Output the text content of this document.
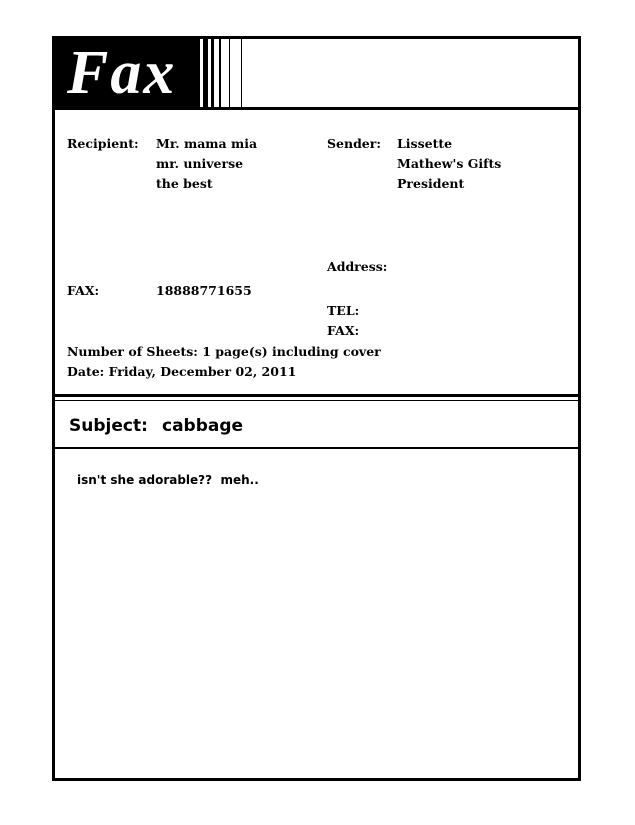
Fax
Recipient: Mr. mama mia
mr. universe
the best
Sender: Lissette
Mathew's Gifts
President
Address:
FAX:	18888771655
TEL:
FAX:
Number of Sheets: 1 page(s) including cover
Date: Friday, December 02, 2011
Subject: cabbage
isn't she adorable??  meh..
